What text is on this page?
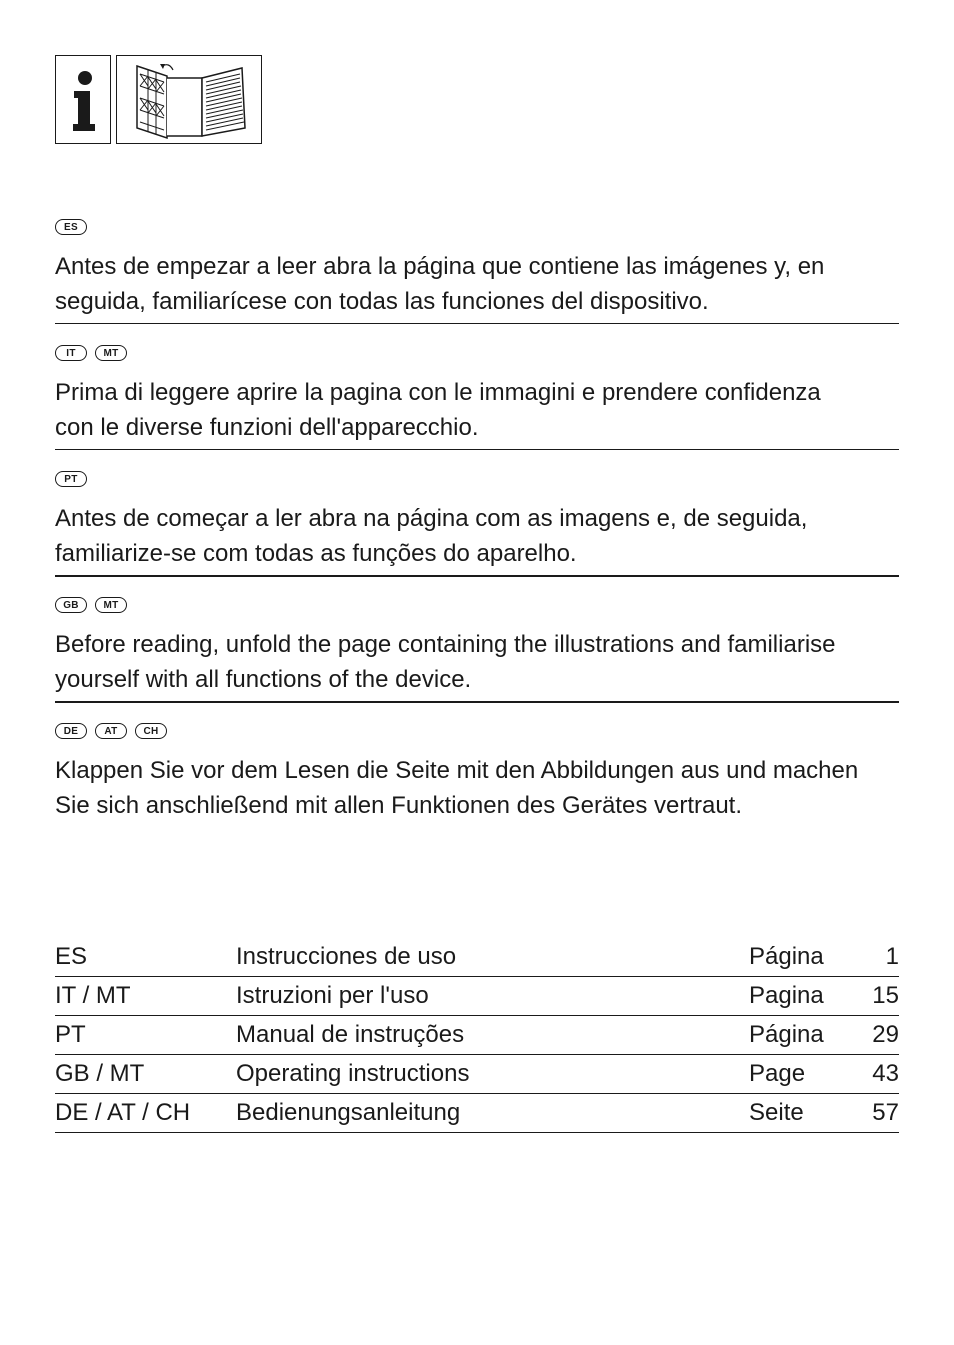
ES

Antes de empezar a leer abra la página que contiene las imágenes y, en
seguida, familiarícese con todas las funciones del dispositivo.

IT	MT

Prima di leggere aprire la pagina con le immagini e prendere confidenza
con le diverse funzioni dell'apparecchio.

PT

Antes de começar a ler abra na página com as imagens e, de seguida,
familiarize-se com todas as funções do aparelho.

GB	MT

Before reading, unfold the page containing the illustrations and familiarise
yourself with all functions of the device.

DE	AT	CH

Klappen Sie vor dem Lesen die Seite mit den Abbildungen aus und machen
Sie sich anschließend mit allen Funktionen des Gerätes vertraut.

ES	Instrucciones de uso	Página	1
IT / MT	Istruzioni per l'uso	Pagina	15
PT	Manual de instruções	Página	29
GB / MT	Operating instructions	Page	43
DE / AT / CH	Bedienungsanleitung	Seite	57
